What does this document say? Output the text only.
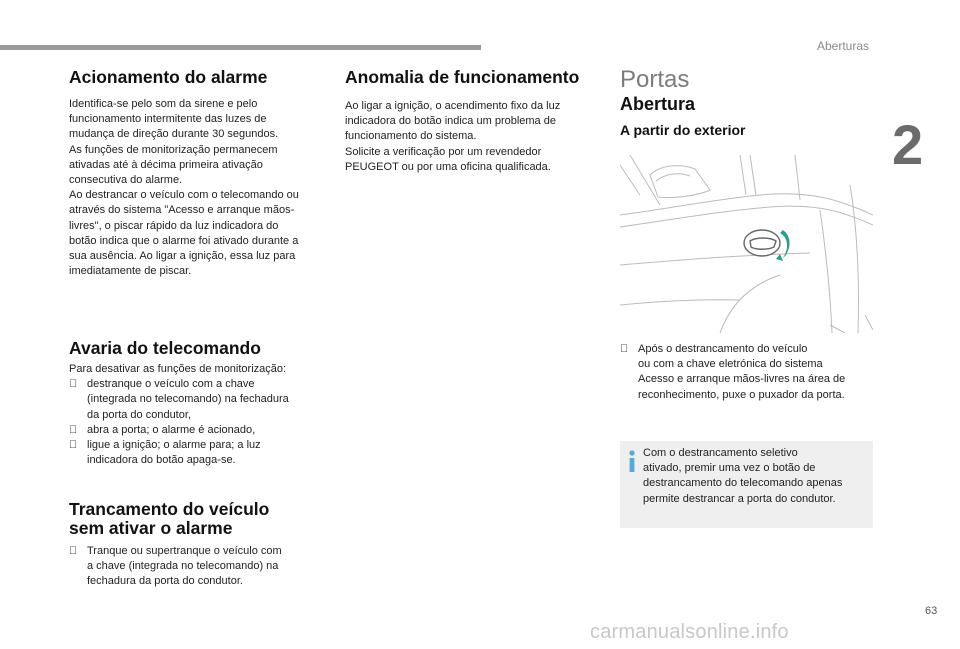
Aberturas
2
Acionamento do alarme

Identifica-se pelo som da sirene e pelo

funcionamento intermitente das luzes de

mudança de direção durante 30 segundos.

As funções de monitorização permanecem

ativadas até à décima primeira ativação

consecutiva do alarme.

Ao destrancar o veículo com o telecomando ou

através do sistema "Acesso e arranque mãos-

livres", o piscar rápido da luz indicadora do

botão indica que o alarme foi ativado durante a

sua ausência. Ao ligar a ignição, essa luz para

imediatamente de piscar.

Avaria do telecomando

Para desativar as funções de monitorização:

destranque o veículo com a chave

(integrada no telecomando) na fechadura

da porta do condutor,

abra a porta; o alarme é acionado,

ligue a ignição; o alarme para; a luz

indicadora do botão apaga-se.

Trancamento do veículo
sem ativar o alarme

Tranque ou supertranque o veículo com

a chave (integrada no telecomando) na

fechadura da porta do condutor.

Anomalia de funcionamento

Ao ligar a ignição, o acendimento fixo da luz

indicadora do botão indica um problema de

funcionamento do sistema.

Solicite a verificação por um revendedor

PEUGEOT ou por uma oficina qualificada.

Portas
Abertura
A partir do exterior

Após o destrancamento do veículo

ou com a chave eletrónica do sistema

Acesso e arranque mãos-livres na área de

reconhecimento, puxe o puxador da porta.

Com o destrancamento seletivo

ativado, premir uma vez o botão de

destrancamento do telecomando apenas

permite destrancar a porta do condutor.

63
carmanualsonline.info
